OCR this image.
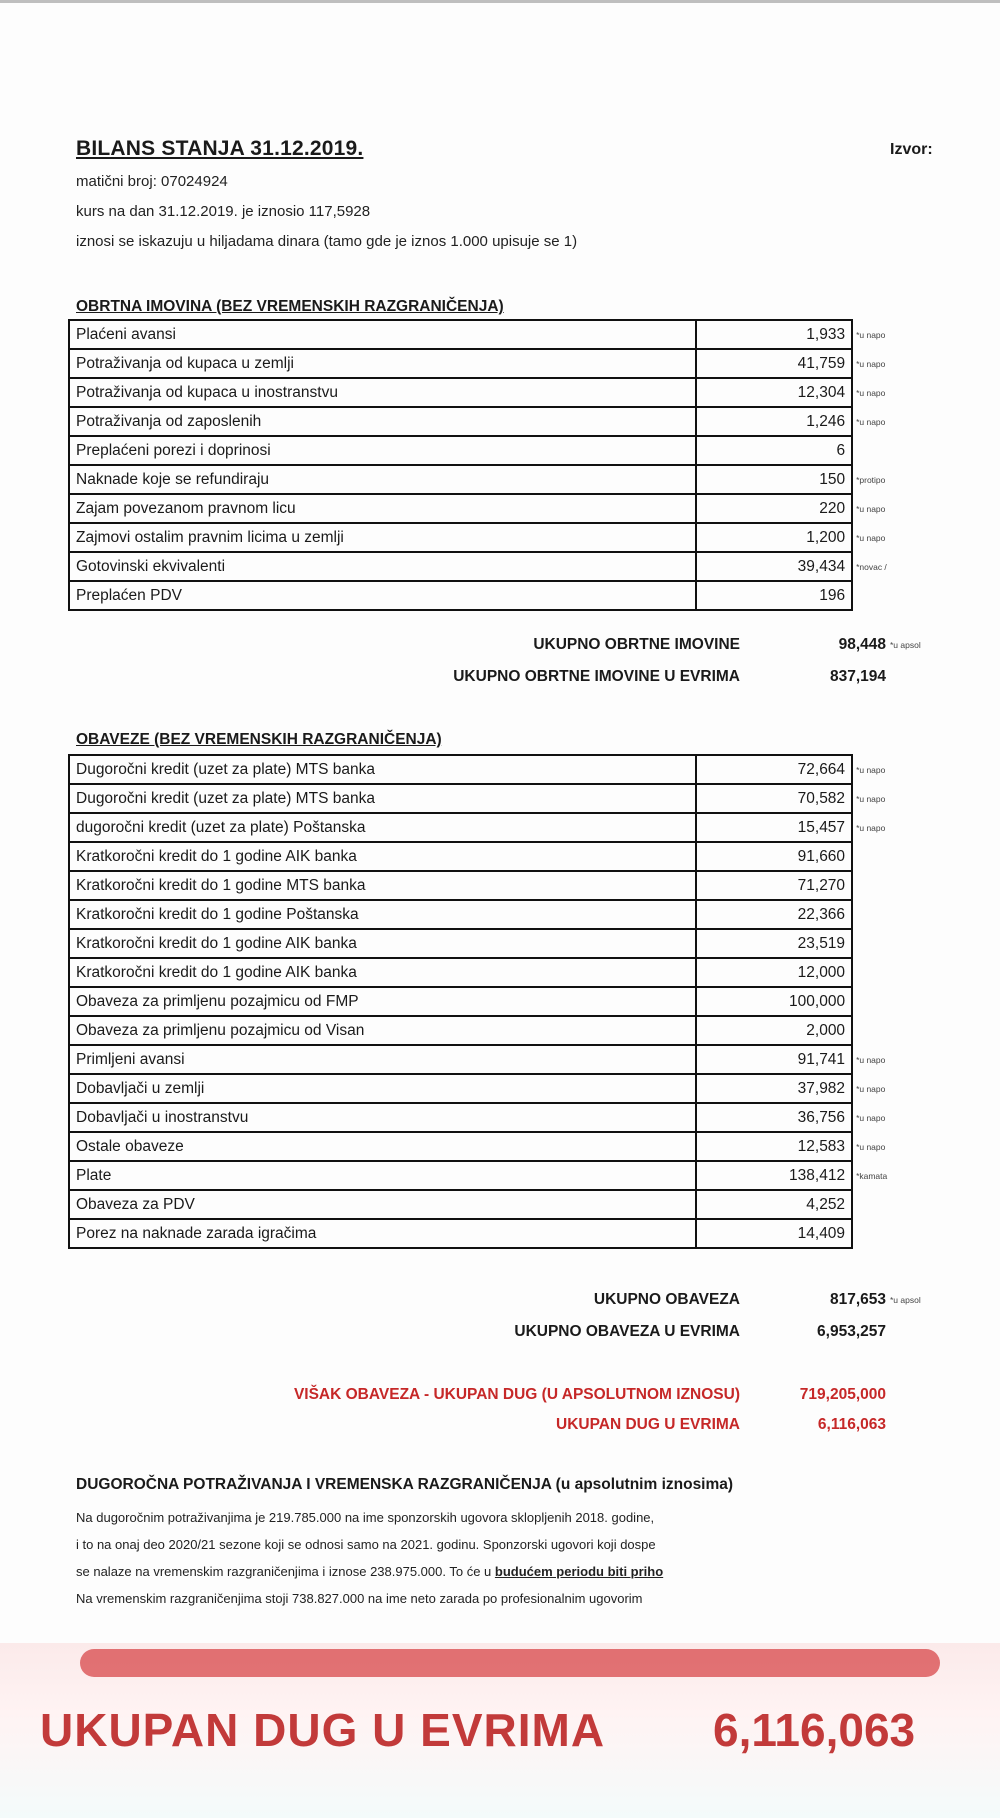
BILANS STANJA 31.12.2019.	Izvor:
matični broj: 07024924
kurs na dan 31.12.2019. je iznosio 117,5928
iznosi se iskazuju u hiljadama dinara (tamo gde je iznos 1.000 upisuje se 1)
OBRTNA IMOVINA (BEZ VREMENSKIH RAZGRANIČENJA)
Plaćeni avansi	1,933	*u napo
Potraživanja od kupaca u zemlji	41,759	*u napo
Potraživanja od kupaca u inostranstvu	12,304	*u napo
Potraživanja od zaposlenih	1,246	*u napo
Preplaćeni porezi i doprinosi	6	
Naknade koje se refundiraju	150	*protipo
Zajam povezanom pravnom licu	220	*u napo
Zajmovi ostalim pravnim licima u zemlji	1,200	*u napo
Gotovinski ekvivalenti	39,434	*novac /
Preplaćen PDV	196	
UKUPNO OBRTNE IMOVINE	98,448 *u apsol
UKUPNO OBRTNE IMOVINE U EVRIMA	837,194
OBAVEZE (BEZ VREMENSKIH RAZGRANIČENJA)
Dugoročni kredit (uzet za plate) MTS banka	72,664	*u napo
Dugoročni kredit (uzet za plate) MTS banka	70,582	*u napo
dugoročni kredit (uzet za plate) Poštanska	15,457	*u napo
Kratkoročni kredit do 1 godine AIK banka	91,660	
Kratkoročni kredit do 1 godine MTS banka	71,270	
Kratkoročni kredit do 1 godine Poštanska	22,366	
Kratkoročni kredit do 1 godine AIK banka	23,519	
Kratkoročni kredit do 1 godine AIK banka	12,000	
Obaveza za primljenu pozajmicu od FMP	100,000	
Obaveza za primljenu pozajmicu od Visan	2,000	
Primljeni avansi	91,741	*u napo
Dobavljači u zemlji	37,982	*u napo
Dobavljači u inostranstvu	36,756	*u napo
Ostale obaveze	12,583	*u napo
Plate	138,412	*kamata
Obaveza za PDV	4,252	
Porez na naknade zarada igračima	14,409	
UKUPNO OBAVEZA	817,653 *u apsol
UKUPNO OBAVEZA U EVRIMA	6,953,257
VIŠAK OBAVEZA - UKUPAN DUG (U APSOLUTNOM IZNOSU)	719,205,000
UKUPAN DUG U EVRIMA	6,116,063
DUGOROČNA POTRAŽIVANJA I VREMENSKA RAZGRANIČENJA (u apsolutnim iznosima)
Na dugoročnim potraživanjima je 219.785.000 na ime sponzorskih ugovora sklopljenih 2018. godine,
i to na onaj deo 2020/21 sezone koji se odnosi samo na 2021. godinu. Sponzorski ugovori koji dospe
se nalaze na vremenskim razgraničenjima i iznose 238.975.000. To će u budućem periodu biti priho
Na vremenskim razgraničenjima stoji 738.827.000 na ime neto zarada po profesionalnim ugovorim
UKUPAN DUG U EVRIMA 6,116,063
